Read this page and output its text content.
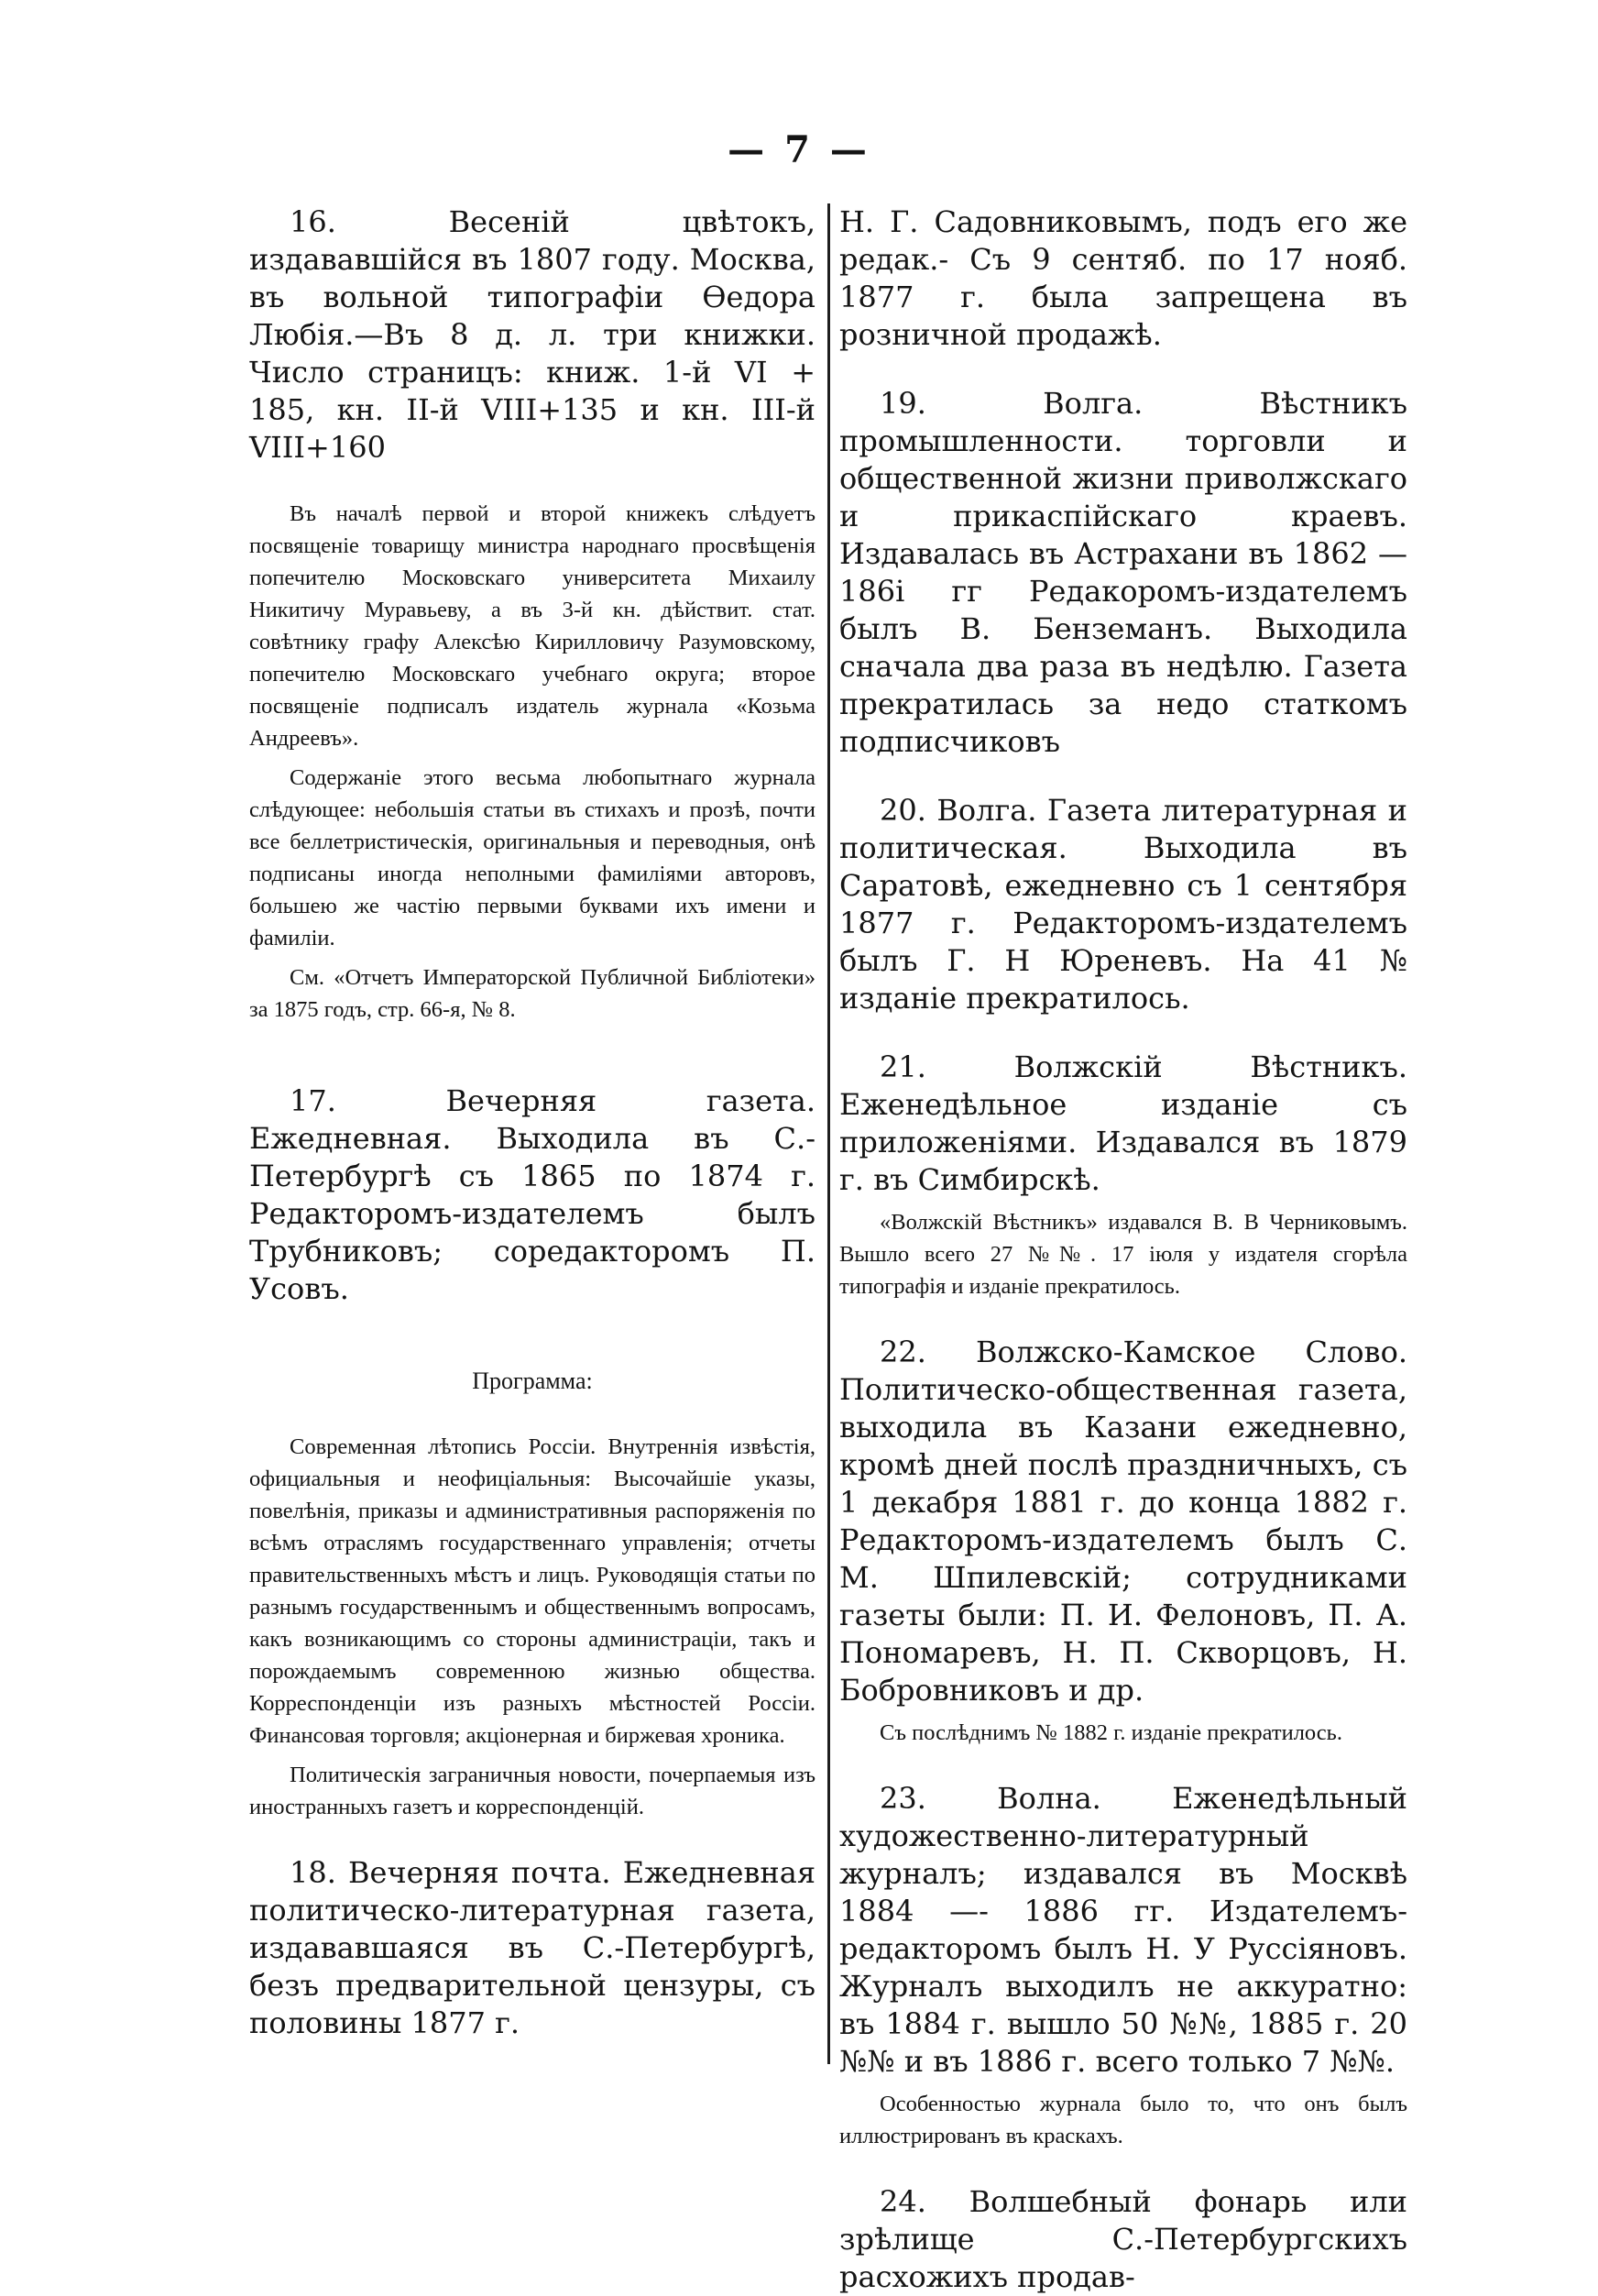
— 7 —

16. Весеній цвѣтокъ, издававшійся въ 1807 году. Москва, въ вольной типографіи Өедора Любія.—Въ 8 д. л. три книжки. Число страницъ: книж. 1-й VI + 185, кн. II-й VIII+135 и кн. III-й VIII+160

Въ началѣ первой и второй книжекъ слѣдуетъ посвященіе товарищу министра народнаго просвѣщенія попечителю Московскаго университета Михаилу Никитичу Муравьеву, а въ 3-й кн. дѣйствит. стат. совѣтнику графу Алексѣю Кирилловичу Разумовскому, попечителю Московскаго учебнаго округа; второе посвященіе подписалъ издатель журнала «Козьма Андреевъ».

Содержаніе этого весьма любопытнаго журнала слѣдующее: небольшія статьи въ стихахъ и прозѣ, почти все беллетристическія, оригинальныя и переводныя, онѣ подписаны иногда неполными фамиліями авторовъ, большею же частію первыми буквами ихъ имени и фамиліи.

См. «Отчетъ Императорской Публичной Библіотеки» за 1875 годъ, стр. 66-я, № 8.

17. Вечерняя газета. Ежедневная. Выходила въ С.-Петербургѣ съ 1865 по 1874 г. Редакторомъ-издателемъ былъ Трубниковъ; соредакторомъ П. Усовъ.

Программа:

Современная лѣтопись Россіи. Внутреннія извѣстія, официальныя и неофиціальныя: Высочайшіе указы, повелѣнія, приказы и административныя распоряженія по всѣмъ отраслямъ государственнаго управленія; отчеты правительственныхъ мѣстъ и лицъ. Руководящія статьи по разнымъ государственнымъ и общественнымъ вопросамъ, какъ возникающимъ со стороны администраціи, такъ и порождаемымъ современною жизнью общества. Корреспонденціи изъ разныхъ мѣстностей Россіи. Финансовая торговля; акціонерная и биржевая хроника.

Политическія заграничныя новости, почерпаемыя изъ иностранныхъ газетъ и корреспонденцій.

18. Вечерняя почта. Ежедневная политическо-литературная газета, издававшаяся въ С.-Петербургѣ, безъ предварительной цензуры, съ половины 1877 г.

Н. Г. Садовниковымъ, подъ его же редак.- Съ 9 сентяб. по 17 нояб. 1877 г. была запрещена въ розничной продажѣ.

19. Волга. Вѣстникъ промышленности. торговли и общественной жизни приволжскаго и прикаспійскаго краевъ. Издавалась въ Астрахани въ 1862 — 186і гг Редакоромъ-издателемъ былъ В. Бенземанъ. Выходила сначала два раза въ недѣлю. Газета прекратилась за недо статкомъ подписчиковъ

20. Волга. Газета литературная и политическая. Выходила въ Саратовѣ, ежедневно съ 1 сентября 1877 г. Редакторомъ-издателемъ былъ Г. Н Юреневъ. На 41 № изданіе прекратилось.

21. Волжскій Вѣстникъ. Еженедѣльное изданіе съ приложеніями. Издавался въ 1879 г. въ Симбирскѣ.

«Волжскій Вѣстникъ» издавался В. В Черниковымъ. Вышло всего 27 №№. 17 іюля у издателя сгорѣла типографія и изданіе прекратилось.

22. Волжско-Камское Слово. Политическо-общественная газета, выходила въ Казани ежедневно, кромѣ дней послѣ праздничныхъ, съ 1 декабря 1881 г. до конца 1882 г. Редакторомъ-издателемъ былъ С. М. Шпилевскій; сотрудниками газеты были: П. И. Фелоновъ, П. А. Пономаревъ, Н. П. Скворцовъ, Н. Бобровниковъ и др.

Съ послѣднимъ № 1882 г. изданіе прекратилось.

23. Волна. Еженедѣльный художественно-литературный журналъ; издавался въ Москвѣ 1884 —- 1886 гг. Издателемъ-редакторомъ былъ Н. У Руссіяновъ. Журналъ выходилъ не аккуратно: въ 1884 г. вышло 50 №№, 1885 г. 20 №№ и въ 1886 г. всего только 7 №№.

Особенностью журнала было то, что онъ былъ иллюстрированъ въ краскахъ.

24. Волшебный фонарь или зрѣлище С.-Петербургскихъ расхожихъ продав-
